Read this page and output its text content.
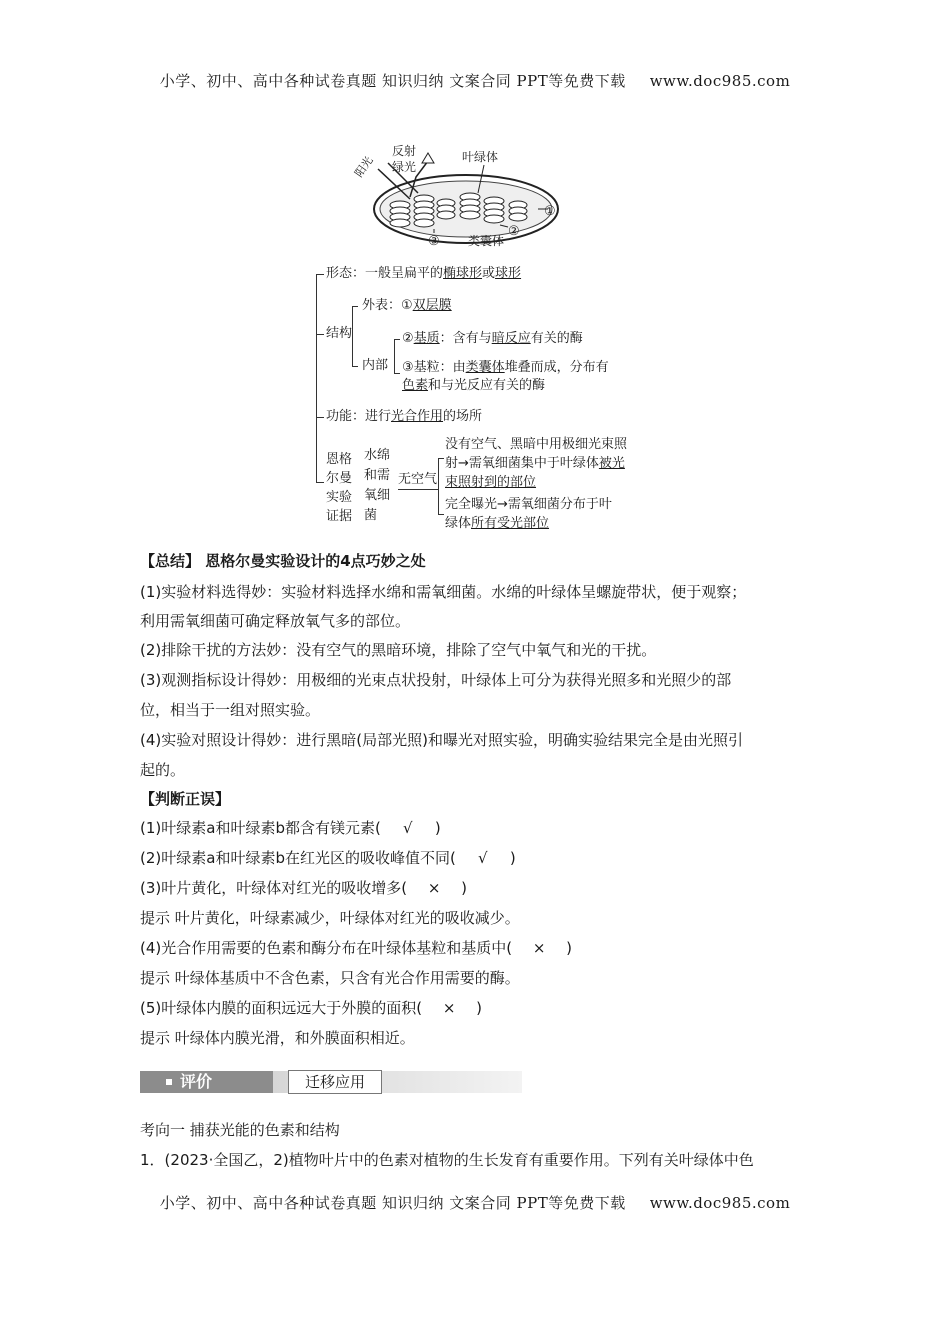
小学、初中、高中各种试卷真题 知识归纳 文案合同 PPT等免费下载 www.doc985.com
反射
绿光
阳光	叶绿体
①
②
③ 类囊体
形态：一般呈扁平的椭球形或球形
结构
外表：①双层膜
内部
②基质：含有与暗反应有关的酶
③基粒：由类囊体堆叠而成，分布有
色素和与光反应有关的酶
功能：进行光合作用的场所
恩格
尔曼
实验
证据
水绵
和需
氧细
菌
无空气
没有空气、黑暗中用极细光束照
射→需氧细菌集中于叶绿体被光
束照射到的部位
完全曝光→需氧细菌分布于叶
绿体所有受光部位
【总结】 恩格尔曼实验设计的4点巧妙之处
(1)实验材料选得妙：实验材料选择水绵和需氧细菌。水绵的叶绿体呈螺旋带状，便于观察；
利用需氧细菌可确定释放氧气多的部位。
(2)排除干扰的方法妙：没有空气的黑暗环境，排除了空气中氧气和光的干扰。
(3)观测指标设计得妙：用极细的光束点状投射，叶绿体上可分为获得光照多和光照少的部
位，相当于一组对照实验。
(4)实验对照设计得妙：进行黑暗(局部光照)和曝光对照实验，明确实验结果完全是由光照引
起的。
【判断正误】
(1)叶绿素a和叶绿素b都含有镁元素( √ )
(2)叶绿素a和叶绿素b在红光区的吸收峰值不同( √ )
(3)叶片黄化，叶绿体对红光的吸收增多( × )
提示 叶片黄化，叶绿素减少，叶绿体对红光的吸收减少。
(4)光合作用需要的色素和酶分布在叶绿体基粒和基质中( × )
提示 叶绿体基质中不含色素，只含有光合作用需要的酶。
(5)叶绿体内膜的面积远远大于外膜的面积( × )
提示 叶绿体内膜光滑，和外膜面积相近。
评价	迁移应用
考向一 捕获光能的色素和结构
1．(2023·全国乙，2)植物叶片中的色素对植物的生长发育有重要作用。下列有关叶绿体中色
小学、初中、高中各种试卷真题 知识归纳 文案合同 PPT等免费下载 www.doc985.com
